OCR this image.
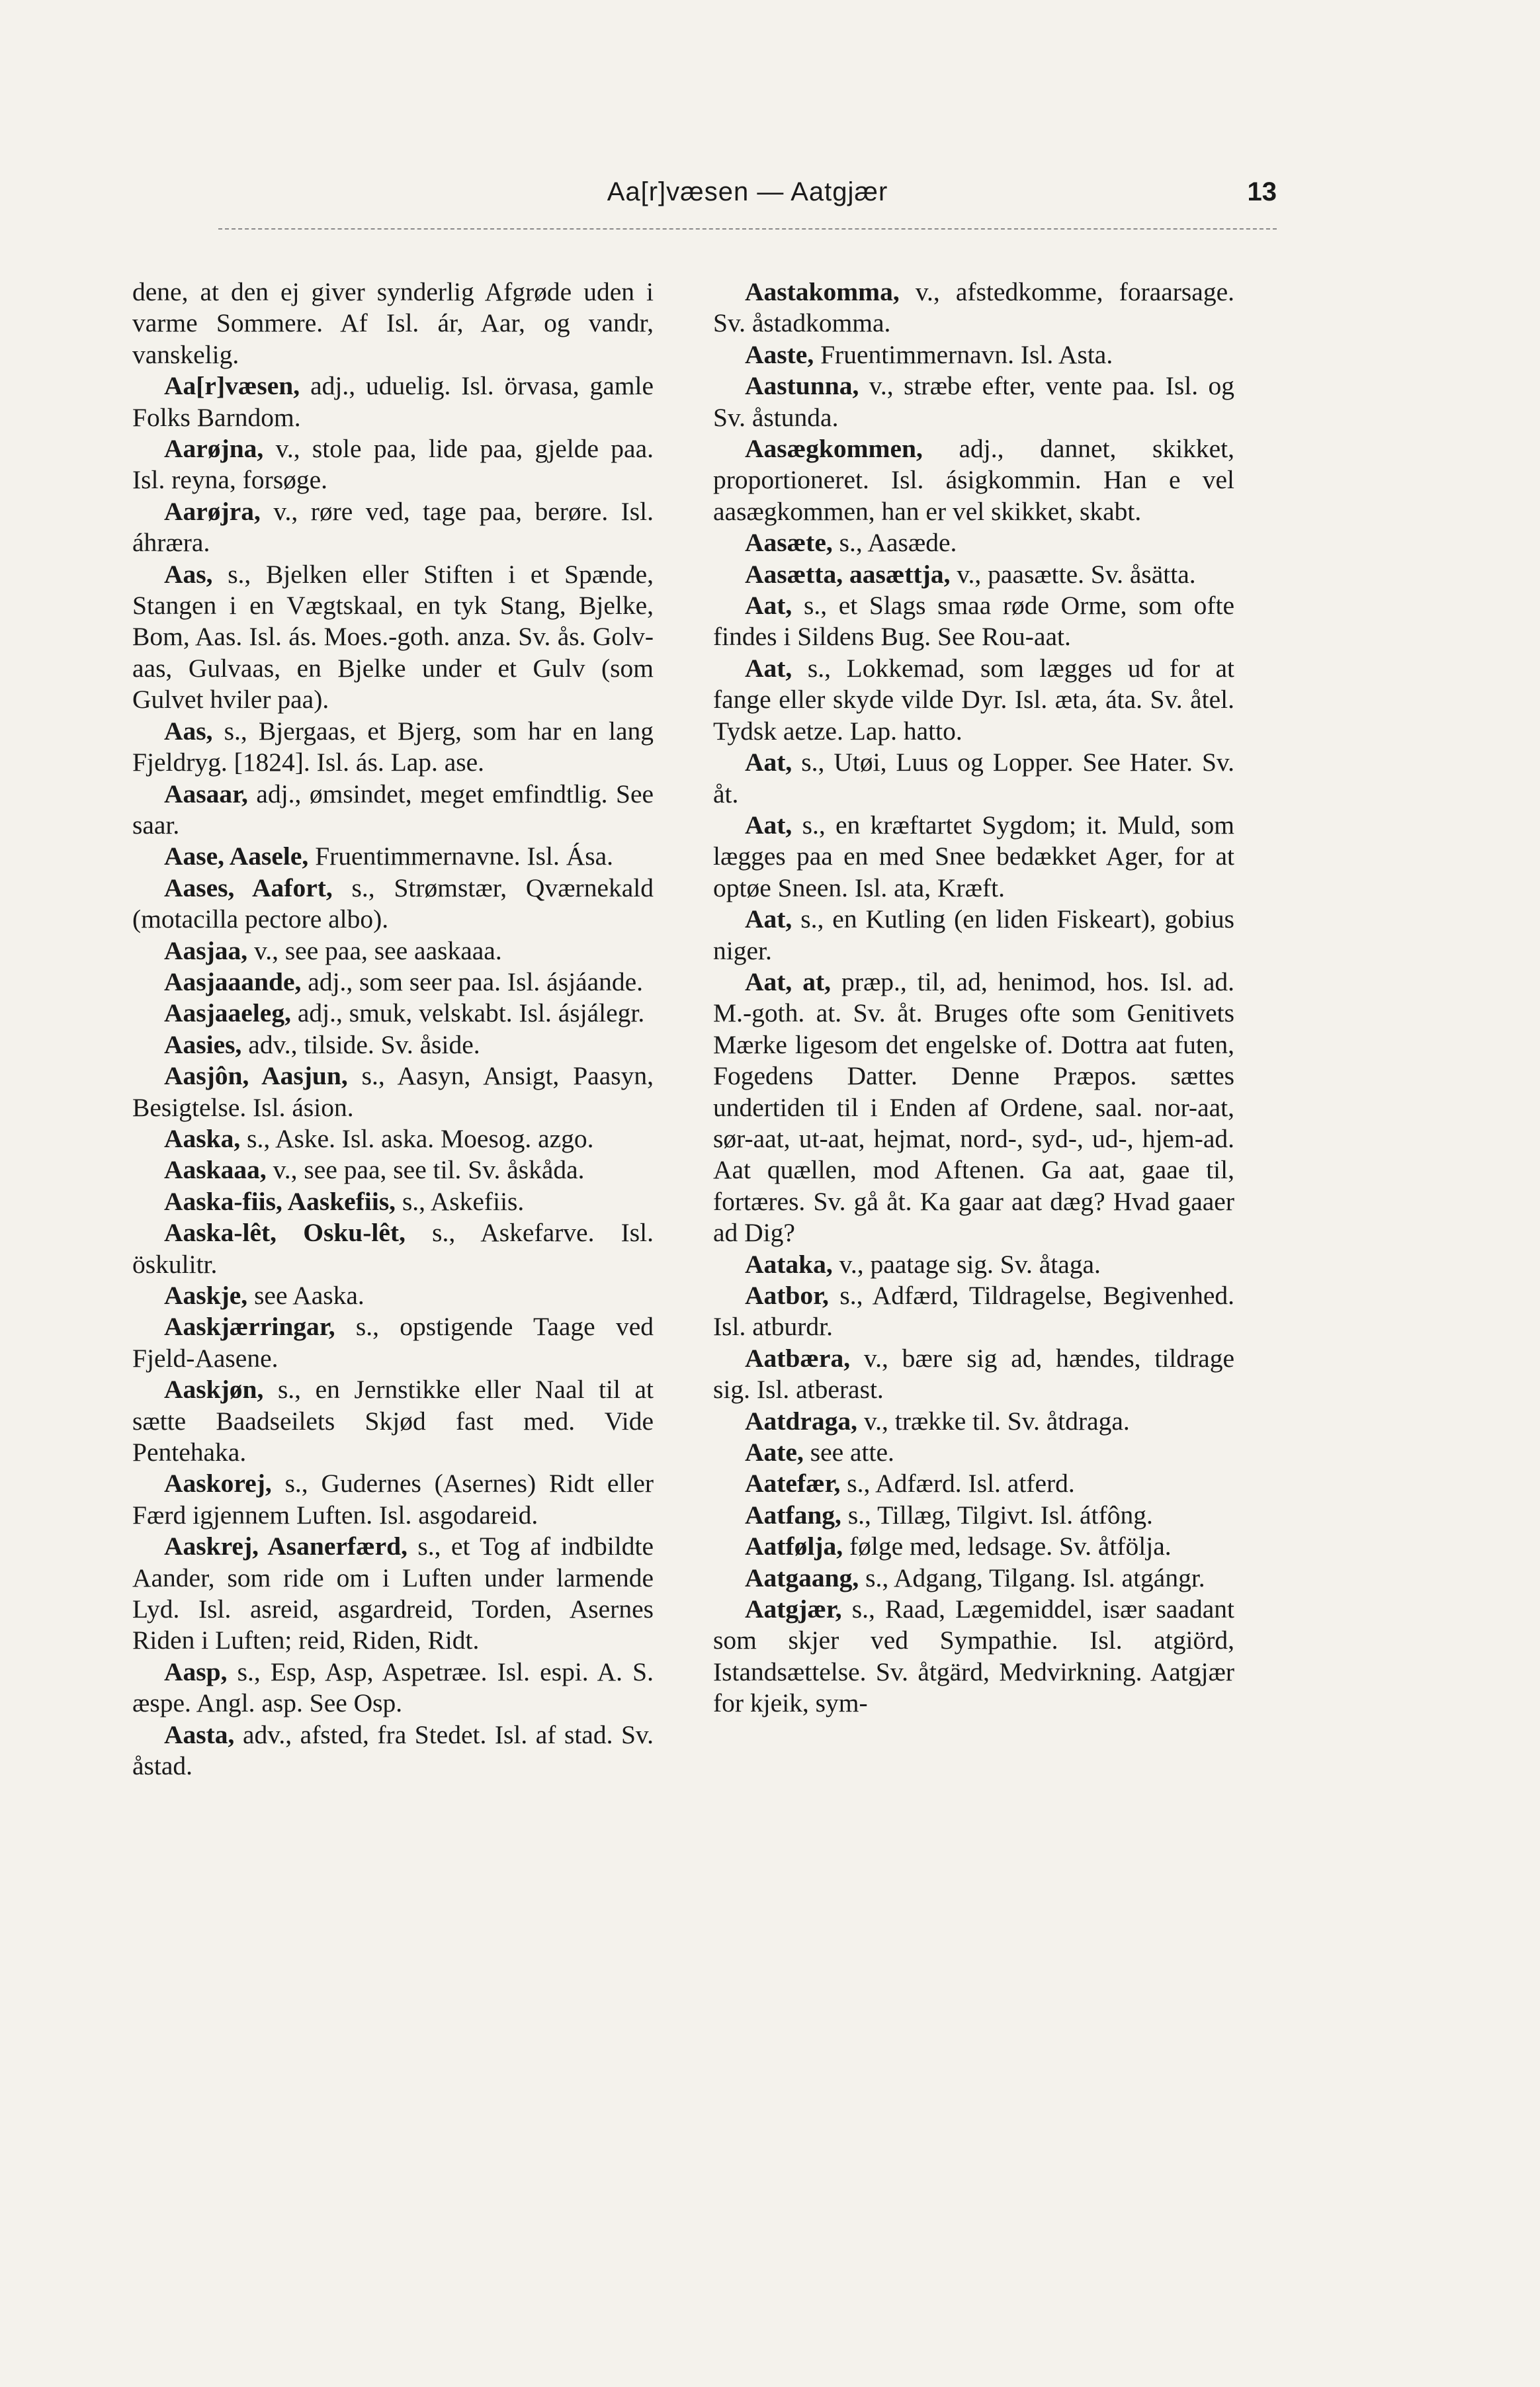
Aa[r]væsen — Aatgjær	13

dene, at den ej giver synderlig Afgrøde uden i varme Sommere. Af Isl. ár, Aar, og vandr, vanskelig.

Aa[r]væsen, adj., uduelig. Isl. örvasa, gamle Folks Barndom.

Aarøjna, v., stole paa, lide paa, gjelde paa. Isl. reyna, forsøge.

Aarøjra, v., røre ved, tage paa, berøre. Isl. áhræra.

Aas, s., Bjelken eller Stiften i et Spænde, Stangen i en Vægtskaal, en tyk Stang, Bjelke, Bom, Aas. Isl. ás. Moes.-goth. anza. Sv. ås. Golv-aas, Gulvaas, en Bjelke under et Gulv (som Gulvet hviler paa).

Aas, s., Bjergaas, et Bjerg, som har en lang Fjeldryg. [1824]. Isl. ás. Lap. ase.

Aasaar, adj., ømsindet, meget emfindtlig. See saar.

Aase, Aasele, Fruentimmernavne. Isl. Ása.

Aases, Aafort, s., Strømstær, Qværnekald (motacilla pectore albo).

Aasjaa, v., see paa, see aaskaaa.

Aasjaaande, adj., som seer paa. Isl. ásjáande.

Aasjaaeleg, adj., smuk, velskabt. Isl. ásjálegr.

Aasies, adv., tilside. Sv. åside.

Aasjôn, Aasjun, s., Aasyn, Ansigt, Paasyn, Besigtelse. Isl. ásion.

Aaska, s., Aske. Isl. aska. Moesog. azgo.

Aaskaaa, v., see paa, see til. Sv. åskåda.

Aaska-fiis, Aaskefiis, s., Askefiis.

Aaska-lêt, Osku-lêt, s., Askefarve. Isl. öskulitr.

Aaskje, see Aaska.

Aaskjærringar, s., opstigende Taage ved Fjeld-Aasene.

Aaskjøn, s., en Jernstikke eller Naal til at sætte Baadseilets Skjød fast med. Vide Pentehaka.

Aaskorej, s., Gudernes (Asernes) Ridt eller Færd igjennem Luften. Isl. asgodareid.

Aaskrej, Asanerfærd, s., et Tog af indbildte Aander, som ride om i Luften under larmende Lyd. Isl. asreid, asgardreid, Torden, Asernes Riden i Luften; reid, Riden, Ridt.

Aasp, s., Esp, Asp, Aspetræe. Isl. espi. A. S. æspe. Angl. asp. See Osp.

Aasta, adv., afsted, fra Stedet. Isl. af stad. Sv. åstad.

Aastakomma, v., afstedkomme, foraarsage. Sv. åstadkomma.

Aaste, Fruentimmernavn. Isl. Asta.

Aastunna, v., stræbe efter, vente paa. Isl. og Sv. åstunda.

Aasægkommen, adj., dannet, skikket, proportioneret. Isl. ásigkommin. Han e vel aasægkommen, han er vel skikket, skabt.

Aasæte, s., Aasæde.

Aasætta, aasættja, v., paasætte. Sv. åsätta.

Aat, s., et Slags smaa røde Orme, som ofte findes i Sildens Bug. See Rou-aat.

Aat, s., Lokkemad, som lægges ud for at fange eller skyde vilde Dyr. Isl. æta, áta. Sv. åtel. Tydsk aetze. Lap. hatto.

Aat, s., Utøi, Luus og Lopper. See Hater. Sv. åt.

Aat, s., en kræftartet Sygdom; it. Muld, som lægges paa en med Snee bedækket Ager, for at optøe Sneen. Isl. ata, Kræft.

Aat, s., en Kutling (en liden Fiskeart), gobius niger.

Aat, at, præp., til, ad, henimod, hos. Isl. ad. M.-goth. at. Sv. åt. Bruges ofte som Genitivets Mærke ligesom det engelske of. Dottra aat futen, Fogedens Datter. Denne Præpos. sættes undertiden til i Enden af Ordene, saal. nor-aat, sør-aat, ut-aat, hejmat, nord-, syd-, ud-, hjem-ad. Aat quællen, mod Aftenen. Ga aat, gaae til, fortæres. Sv. gå åt. Ka gaar aat dæg? Hvad gaaer ad Dig?

Aataka, v., paatage sig. Sv. åtaga.

Aatbor, s., Adfærd, Tildragelse, Begivenhed. Isl. atburdr.

Aatbæra, v., bære sig ad, hændes, tildrage sig. Isl. atberast.

Aatdraga, v., trække til. Sv. åtdraga.

Aate, see atte.

Aatefær, s., Adfærd. Isl. atferd.

Aatfang, s., Tillæg, Tilgivt. Isl. átfông.

Aatfølja, følge med, ledsage. Sv. åtfölja.

Aatgaang, s., Adgang, Tilgang. Isl. atgángr.

Aatgjær, s., Raad, Lægemiddel, især saadant som skjer ved Sympathie. Isl. atgiörd, Istandsættelse. Sv. åtgärd, Medvirkning. Aatgjær for kjeik, sym-
